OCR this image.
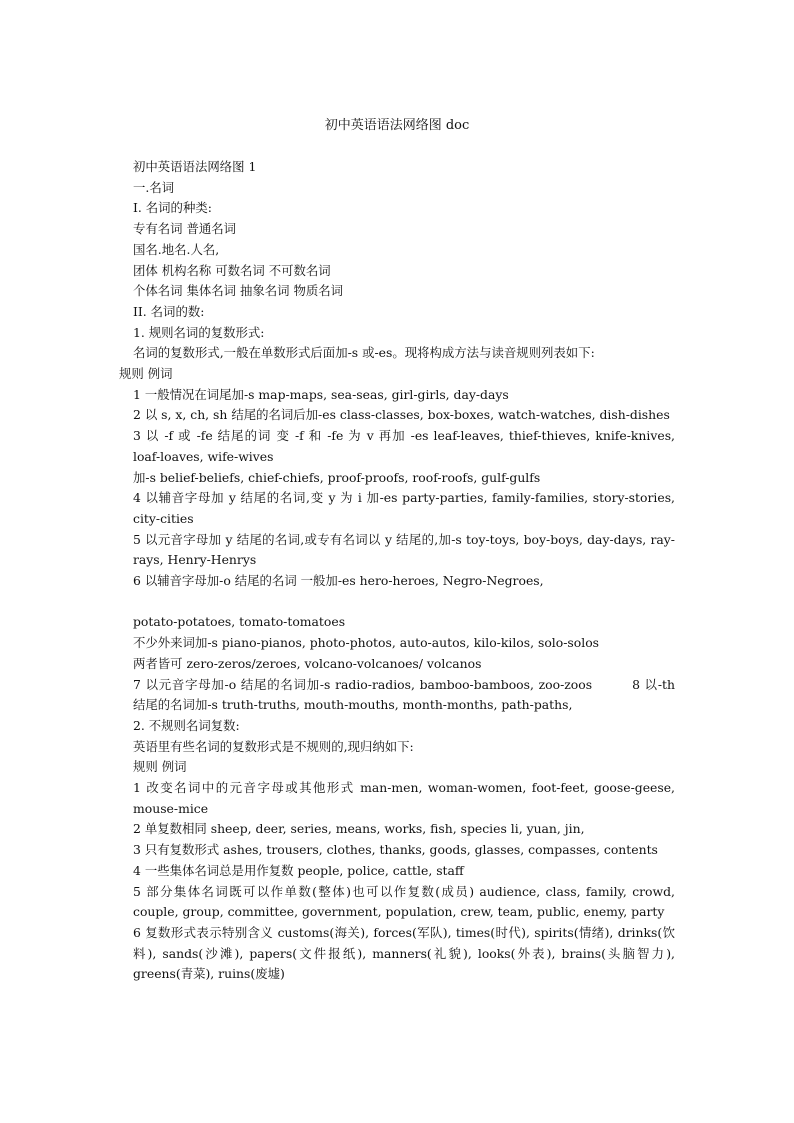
初中英语语法网络图 doc

初中英语语法网络图 1

一.名词

I. 名词的种类:

专有名词 普通名词

国名.地名.人名,

团体 机构名称 可数名词 不可数名词

个体名词 集体名词 抽象名词 物质名词

II. 名词的数:

1. 规则名词的复数形式:

名词的复数形式,一般在单数形式后面加-s 或-es。现将构成方法与读音规则列表如下:

规则 例词

1 一般情况在词尾加-s map-maps, sea-seas, girl-girls, day-days

2 以 s, x, ch, sh 结尾的名词后加-es class-classes, box-boxes, watch-watches, dish-dishes

3 以 -f 或 -fe 结尾的词 变 -f 和 -fe 为 v 再加 -es leaf-leaves, thief-thieves, knife-knives, loaf-loaves, wife-wives

加-s belief-beliefs, chief-chiefs, proof-proofs, roof-roofs, gulf-gulfs

4 以辅音字母加 y 结尾的名词,变 y 为 i 加-es party-parties, family-families, story-stories, city-cities

5 以元音字母加 y 结尾的名词,或专有名词以 y 结尾的,加-s toy-toys, boy-boys, day-days, ray-rays, Henry-Henrys

6 以辅音字母加-o 结尾的名词 一般加-es hero-heroes, Negro-Negroes,

potato-potatoes, tomato-tomatoes

不少外来词加-s piano-pianos, photo-photos, auto-autos, kilo-kilos, solo-solos

两者皆可 zero-zeros/zeroes, volcano-volcanoes/ volcanos

7 以元音字母加-o 结尾的名词加-s radio-radios, bamboo-bamboos, zoo-zoos	8 以-th 结尾的名词加-s truth-truths, mouth-mouths, month-months, path-paths,

2. 不规则名词复数:

英语里有些名词的复数形式是不规则的,现归纳如下:

规则 例词

1 改变名词中的元音字母或其他形式 man-men, woman-women, foot-feet, goose-geese, mouse-mice

2 单复数相同 sheep, deer, series, means, works, fish, species li, yuan, jin,

3 只有复数形式 ashes, trousers, clothes, thanks, goods, glasses, compasses, contents

4 一些集体名词总是用作复数 people, police, cattle, staff

5 部分集体名词既可以作单数(整体)也可以作复数(成员) audience, class, family, crowd, couple, group, committee, government, population, crew, team, public, enemy, party

6 复数形式表示特别含义 customs(海关), forces(军队), times(时代), spirits(情绪), drinks(饮料), sands(沙滩), papers(文件报纸), manners(礼貌), looks(外表), brains(头脑智力), greens(青菜), ruins(废墟)
